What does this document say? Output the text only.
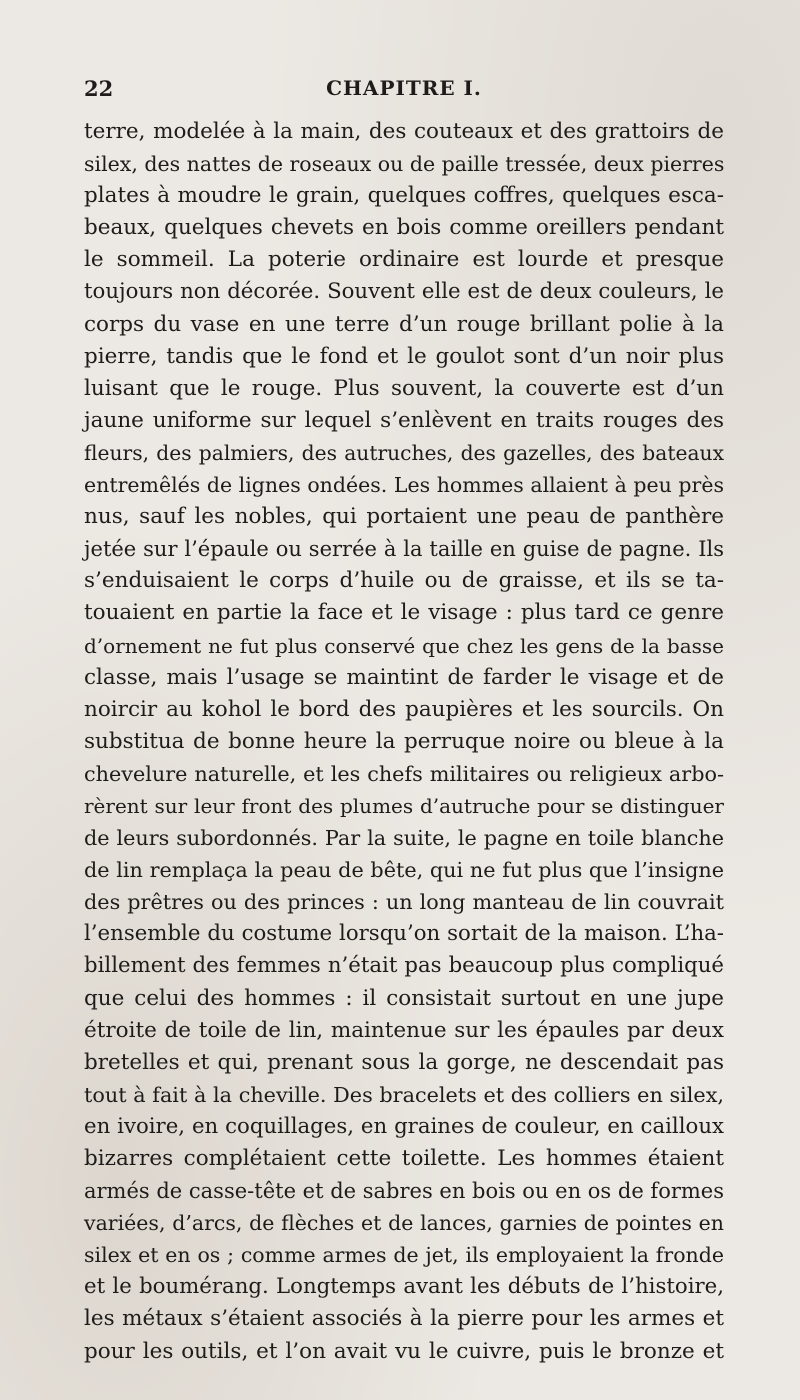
22	CHAPITRE I.
terre, modelée à la main, des couteaux et des grattoirs de
silex, des nattes de roseaux ou de paille tressée, deux pierres
plates à moudre le grain, quelques coffres, quelques esca-
beaux, quelques chevets en bois comme oreillers pendant
le sommeil. La poterie ordinaire est lourde et presque
toujours non décorée. Souvent elle est de deux couleurs, le
corps du vase en une terre d’un rouge brillant polie à la
pierre, tandis que le fond et le goulot sont d’un noir plus
luisant que le rouge. Plus souvent, la couverte est d’un
jaune uniforme sur lequel s’enlèvent en traits rouges des
fleurs, des palmiers, des autruches, des gazelles, des bateaux
entremêlés de lignes ondées. Les hommes allaient à peu près
nus, sauf les nobles, qui portaient une peau de panthère
jetée sur l’épaule ou serrée à la taille en guise de pagne. Ils
s’enduisaient le corps d’huile ou de graisse, et ils se ta-
touaient en partie la face et le visage : plus tard ce genre
d’ornement ne fut plus conservé que chez les gens de la basse
classe, mais l’usage se maintint de farder le visage et de
noircir au kohol le bord des paupières et les sourcils. On
substitua de bonne heure la perruque noire ou bleue à la
chevelure naturelle, et les chefs militaires ou religieux arbo-
rèrent sur leur front des plumes d’autruche pour se distinguer
de leurs subordonnés. Par la suite, le pagne en toile blanche
de lin remplaça la peau de bête, qui ne fut plus que l’insigne
des prêtres ou des princes : un long manteau de lin couvrait
l’ensemble du costume lorsqu’on sortait de la maison. L’ha-
billement des femmes n’était pas beaucoup plus compliqué
que celui des hommes : il consistait surtout en une jupe
étroite de toile de lin, maintenue sur les épaules par deux
bretelles et qui, prenant sous la gorge, ne descendait pas
tout à fait à la cheville. Des bracelets et des colliers en silex,
en ivoire, en coquillages, en graines de couleur, en cailloux
bizarres complétaient cette toilette. Les hommes étaient
armés de casse-tête et de sabres en bois ou en os de formes
variées, d’arcs, de flèches et de lances, garnies de pointes en
silex et en os ; comme armes de jet, ils employaient la fronde
et le boumérang. Longtemps avant les débuts de l’histoire,
les métaux s’étaient associés à la pierre pour les armes et
pour les outils, et l’on avait vu le cuivre, puis le bronze et
